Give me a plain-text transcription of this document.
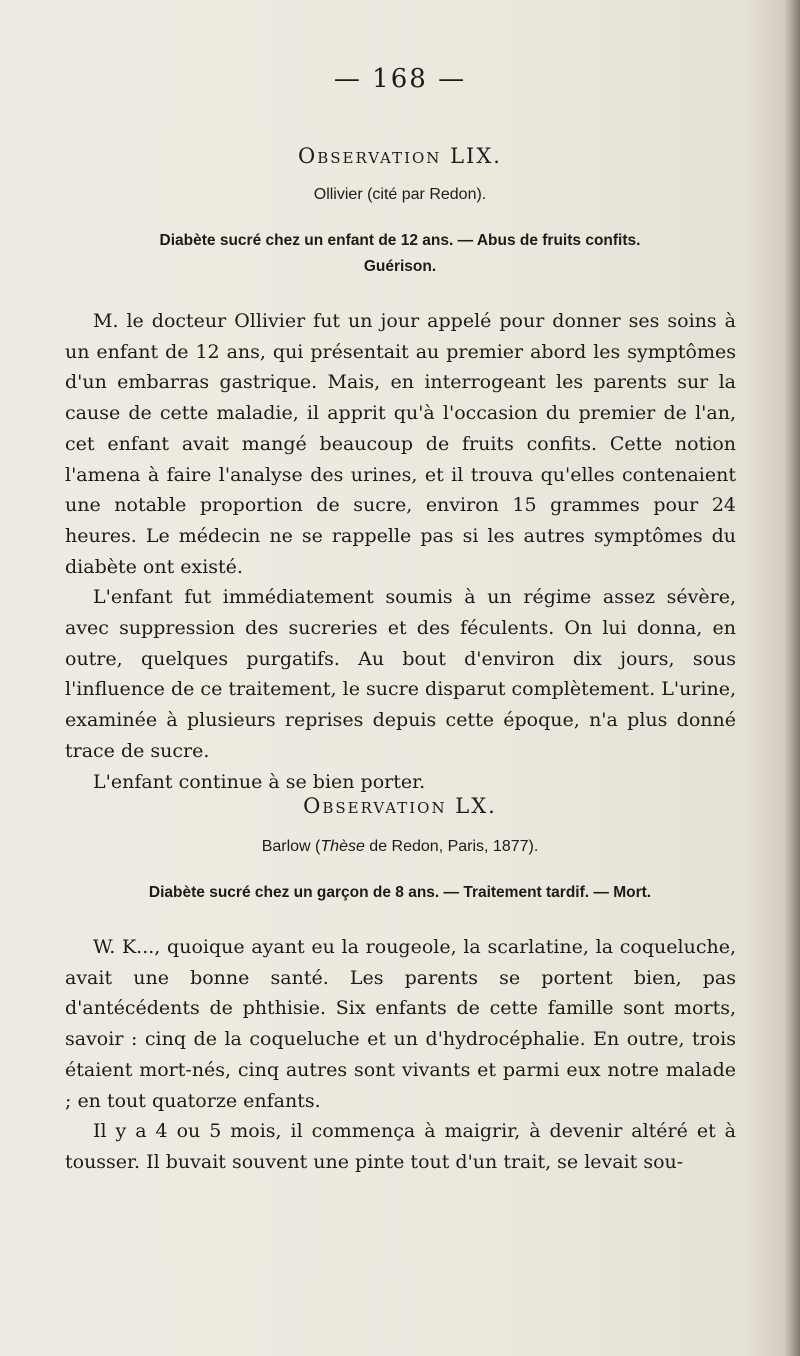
— 168 —
Observation LIX.
Ollivier (cité par Redon).
Diabète sucré chez un enfant de 12 ans. — Abus de fruits confits.
Guérison.

M. le docteur Ollivier fut un jour appelé pour donner ses soins à un enfant de 12 ans, qui présentait au premier abord les symptômes d'un embarras gastrique. Mais, en interrogeant les parents sur la cause de cette maladie, il apprit qu'à l'occasion du premier de l'an, cet enfant avait mangé beaucoup de fruits confits. Cette notion l'amena à faire l'analyse des urines, et il trouva qu'elles contenaient une notable proportion de sucre, environ 15 grammes pour 24 heures. Le médecin ne se rappelle pas si les autres symptômes du diabète ont existé.

L'enfant fut immédiatement soumis à un régime assez sévère, avec suppression des sucreries et des féculents. On lui donna, en outre, quelques purgatifs. Au bout d'environ dix jours, sous l'influence de ce traitement, le sucre disparut complètement. L'urine, examinée à plusieurs reprises depuis cette époque, n'a plus donné trace de sucre.

L'enfant continue à se bien porter.

Observation LX.
Barlow (Thèse de Redon, Paris, 1877).
Diabète sucré chez un garçon de 8 ans. — Traitement tardif. — Mort.

W. K..., quoique ayant eu la rougeole, la scarlatine, la coqueluche, avait une bonne santé. Les parents se portent bien, pas d'antécédents de phthisie. Six enfants de cette famille sont morts, savoir : cinq de la coqueluche et un d'hydrocéphalie. En outre, trois étaient mort-nés, cinq autres sont vivants et parmi eux notre malade ; en tout quatorze enfants.

Il y a 4 ou 5 mois, il commença à maigrir, à devenir altéré et à tousser. Il buvait souvent une pinte tout d'un trait, se levait sou-
